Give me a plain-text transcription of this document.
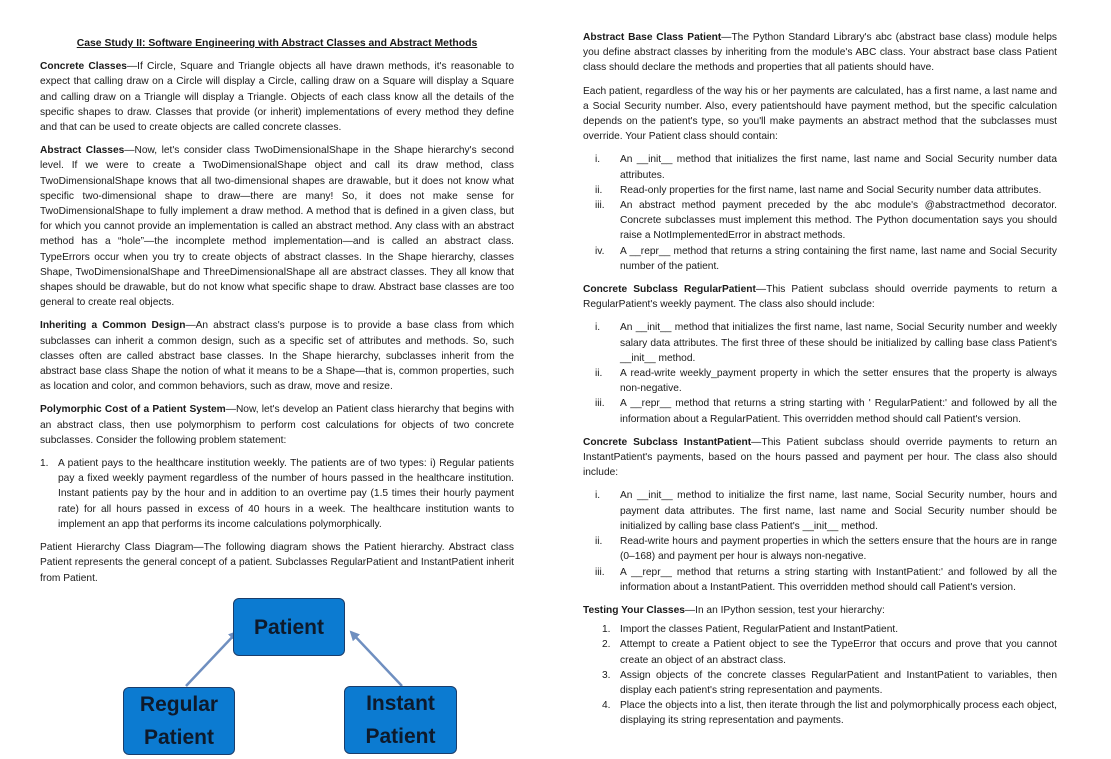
Case Study II: Software Engineering with Abstract Classes and Abstract Methods

Concrete Classes—If Circle, Square and Triangle objects all have drawn methods, it's reasonable to expect that calling draw on a Circle will display a Circle, calling draw on a Square will display a Square and calling draw on a Triangle will display a Triangle. Objects of each class know all the details of the specific shapes to draw. Classes that provide (or inherit) implementations of every method they define and that can be used to create objects are called concrete classes.

Abstract Classes—Now, let's consider class TwoDimensionalShape in the Shape hierarchy's second level. If we were to create a TwoDimensionalShape object and call its draw method, class TwoDimensionalShape knows that all two-dimensional shapes are drawable, but it does not know what specific two-dimensional shape to draw—there are many! So, it does not make sense for TwoDimensionalShape to fully implement a draw method. A method that is defined in a given class, but for which you cannot provide an implementation is called an abstract method. Any class with an abstract method has a “hole”—the incomplete method implementation—and is called an abstract class. TypeErrors occur when you try to create objects of abstract classes. In the Shape hierarchy, classes Shape, TwoDimensionalShape and ThreeDimensionalShape all are abstract classes. They all know that shapes should be drawable, but do not know what specific shape to draw. Abstract base classes are too general to create real objects.

Inheriting a Common Design—An abstract class's purpose is to provide a base class from which subclasses can inherit a common design, such as a specific set of attributes and methods. So, such classes often are called abstract base classes. In the Shape hierarchy, subclasses inherit from the abstract base class Shape the notion of what it means to be a Shape—that is, common properties, such as location and color, and common behaviors, such as draw, move and resize.

Polymorphic Cost of a Patient System—Now, let's develop an Patient class hierarchy that begins with an abstract class, then use polymorphism to perform cost calculations for objects of two concrete subclasses. Consider the following problem statement:

1. A patient pays to the healthcare institution weekly. The patients are of two types: i) Regular patients pay a fixed weekly payment regardless of the number of hours passed in the healthcare institution. Instant patients pay by the hour and in addition to an overtime pay (1.5 times their hourly payment rate) for all hours passed in excess of 40 hours in a week. The healthcare institution wants to implement an app that performs its income calculations polymorphically.

Patient Hierarchy Class Diagram—The following diagram shows the Patient hierarchy. Abstract class Patient represents the general concept of a patient. Subclasses RegularPatient and InstantPatient inherit from Patient.

Patient
Regular
Patient
Instant
Patient

Abstract Base Class Patient—The Python Standard Library's abc (abstract base class) module helps you define abstract classes by inheriting from the module's ABC class. Your abstract base class Patient class should declare the methods and properties that all patients should have.

Each patient, regardless of the way his or her payments are calculated, has a first name, a last name and a Social Security number. Also, every patientshould have payment method, but the specific calculation depends on the patient's type, so you'll make payments an abstract method that the subclasses must override. Your Patient class should contain:

i.	An __init__ method that initializes the first name, last name and Social Security number data attributes.
ii.	Read-only properties for the first name, last name and Social Security number data attributes.
iii.	An abstract method payment preceded by the abc module's @abstractmethod decorator. Concrete subclasses must implement this method. The Python documentation says you should raise a NotImplementedError in abstract methods.
iv.	A __repr__ method that returns a string containing the first name, last name and Social Security number of the patient.

Concrete Subclass RegularPatient—This Patient subclass should override payments to return a RegularPatient's weekly payment. The class also should include:

i.	An __init__ method that initializes the first name, last name, Social Security number and weekly salary data attributes. The first three of these should be initialized by calling base class Patient's __init__ method.
ii.	A read-write weekly_payment property in which the setter ensures that the property is always non-negative.
iii.	A __repr__ method that returns a string starting with ' RegularPatient:' and followed by all the information about a RegularPatient. This overridden method should call Patient's version.

Concrete Subclass InstantPatient—This Patient subclass should override payments to return an InstantPatient's payments, based on the hours passed and payment per hour. The class also should include:

i.	An __init__ method to initialize the first name, last name, Social Security number, hours and payment data attributes. The first name, last name and Social Security number should be initialized by calling base class Patient's __init__ method.
ii.	Read-write hours and payment properties in which the setters ensure that the hours are in range (0–168) and payment per hour is always non-negative.
iii.	A __repr__ method that returns a string starting with InstantPatient:' and followed by all the information about a InstantPatient. This overridden method should call Patient's version.

Testing Your Classes—In an IPython session, test your hierarchy:

1. Import the classes Patient, RegularPatient and InstantPatient.
2. Attempt to create a Patient object to see the TypeError that occurs and prove that you cannot create an object of an abstract class.
3. Assign objects of the concrete classes RegularPatient and InstantPatient to variables, then display each patient's string representation and payments.
4. Place the objects into a list, then iterate through the list and polymorphically process each object, displaying its string representation and payments.
